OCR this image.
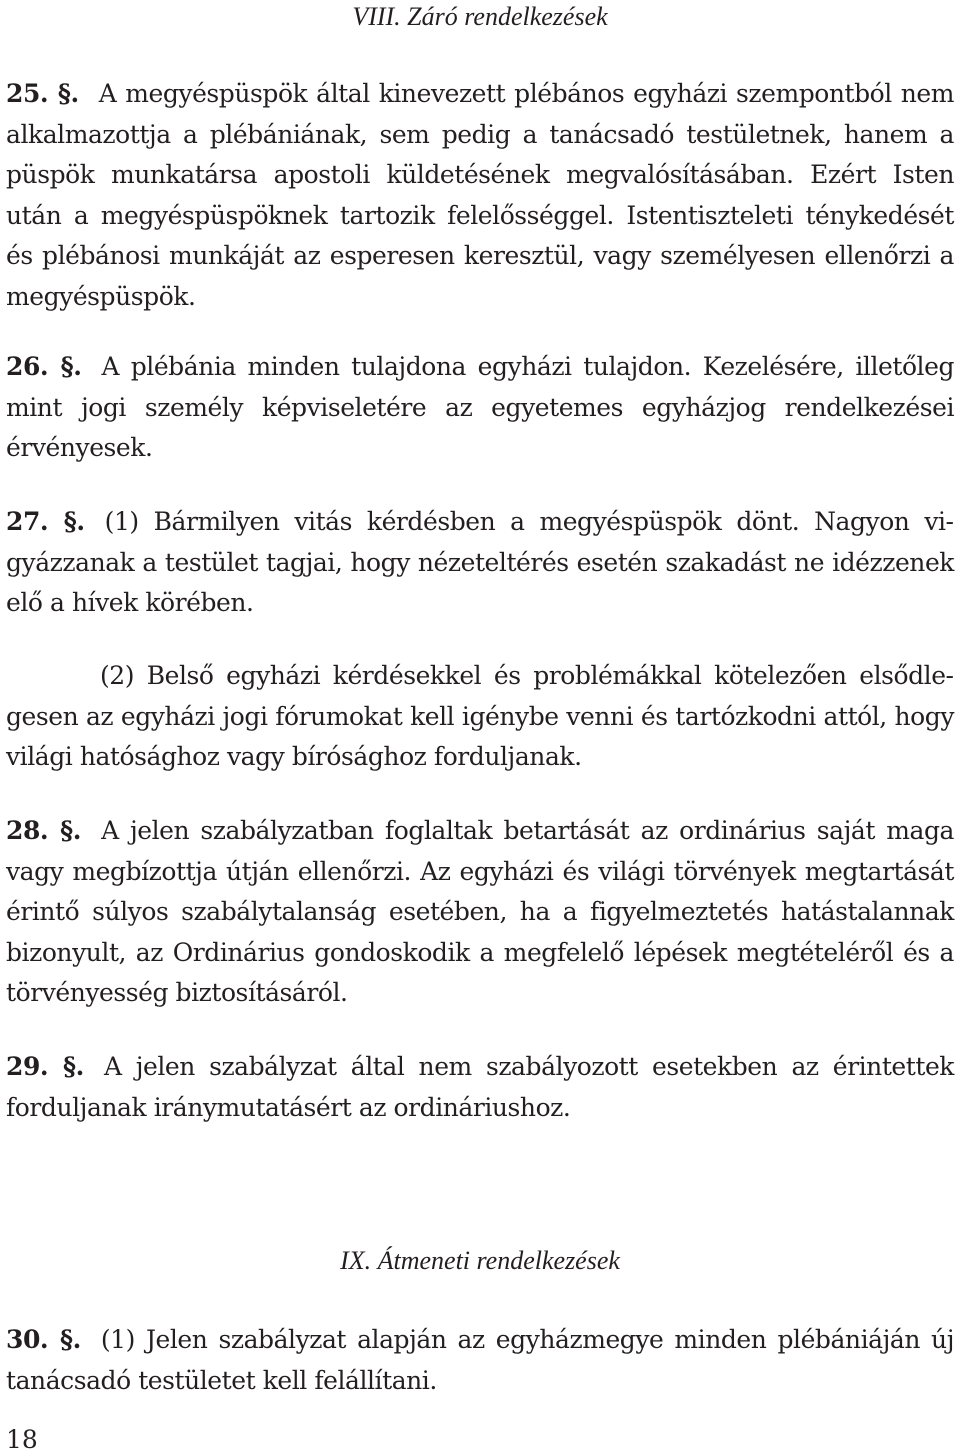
VIII. Záró rendelkezések

25. §. A megyéspüspök által kinevezett plébános egyházi szempontból nem alkalmazottja a plébániának, sem pedig a tanácsadó testületnek, hanem a püspök munkatársa apostoli küldetésének megvalósításában. Ezért Isten után a megyéspüspöknek tartozik felelősséggel. Istentiszteleti ténykedését és plébánosi munkáját az esperesen keresztül, vagy személyesen ellenőrzi a megyéspüspök.

26. §. A plébánia minden tulajdona egyházi tulajdon. Kezelésére, illetőleg mint jogi személy képviseletére az egyetemes egyházjog rendelkezései érvényesek.

27. §. (1) Bármilyen vitás kérdésben a megyéspüspök dönt. Nagyon vigyázzanak a testület tagjai, hogy nézeteltérés esetén szakadást ne idézzenek elő a hívek körében.

(2) Belső egyházi kérdésekkel és problémákkal kötelezően elsődlegesen az egyházi jogi fórumokat kell igénybe venni és tartózkodni attól, hogy világi hatósághoz vagy bírósághoz forduljanak.

28. §. A jelen szabályzatban foglaltak betartását az ordinárius saját maga vagy megbízottja útján ellenőrzi. Az egyházi és világi törvények megtartását érintő súlyos szabálytalanság esetében, ha a figyelmeztetés hatástalannak bizonyult, az Ordinárius gondoskodik a megfelelő lépések megtételéről és a törvényesség biztosításáról.

29. §. A jelen szabályzat által nem szabályozott esetekben az érintettek forduljanak iránymutatásért az ordináriushoz.

IX. Átmeneti rendelkezések

30. §. (1) Jelen szabályzat alapján az egyházmegye minden plébániáján új tanácsadó testületet kell felállítani.

18
